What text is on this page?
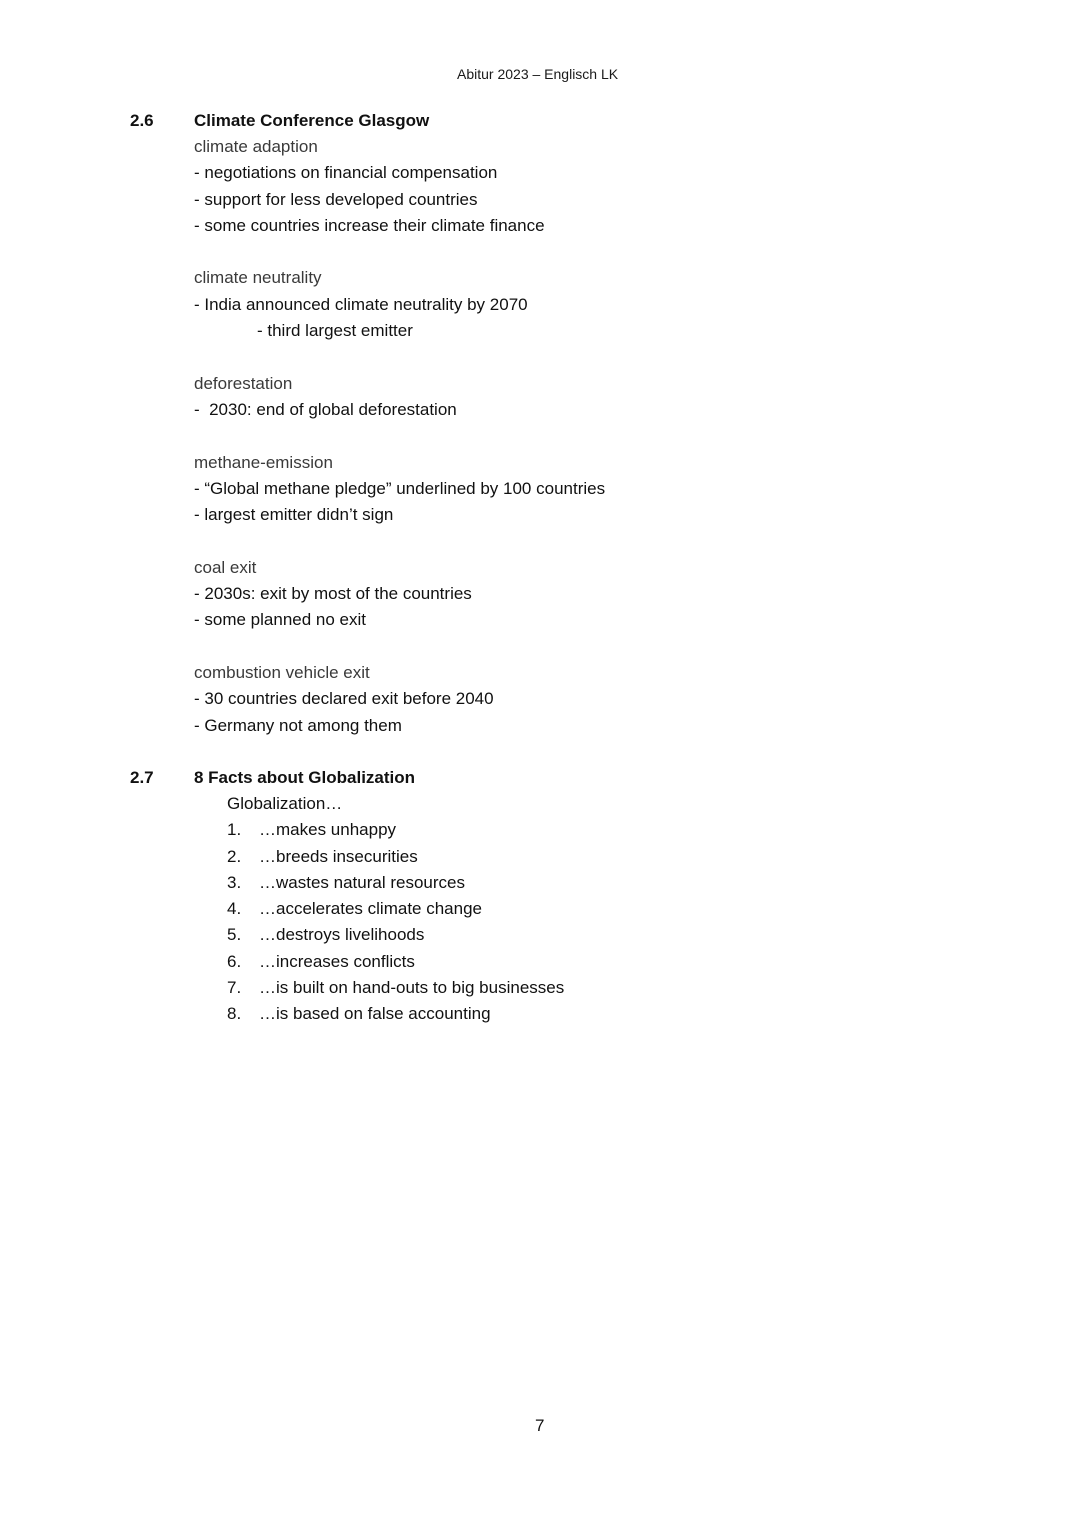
Abitur 2023 – Englisch LK
2.6 Climate Conference Glasgow
climate adaption
- negotiations on financial compensation
- support for less developed countries
- some countries increase their climate finance
climate neutrality
- India announced climate neutrality by 2070
- third largest emitter
deforestation
-  2030: end of global deforestation
methane-emission
- “Global methane pledge” underlined by 100 countries
- largest emitter didn’t sign
coal exit
- 2030s: exit by most of the countries
- some planned no exit
combustion vehicle exit
- 30 countries declared exit before 2040
- Germany not among them
2.7 8 Facts about Globalization
Globalization…
1.	…makes unhappy
2.	…breeds insecurities
3.	…wastes natural resources
4.	…accelerates climate change
5.	…destroys livelihoods
6.	…increases conflicts
7.	…is built on hand-outs to big businesses
8.	…is based on false accounting
7
